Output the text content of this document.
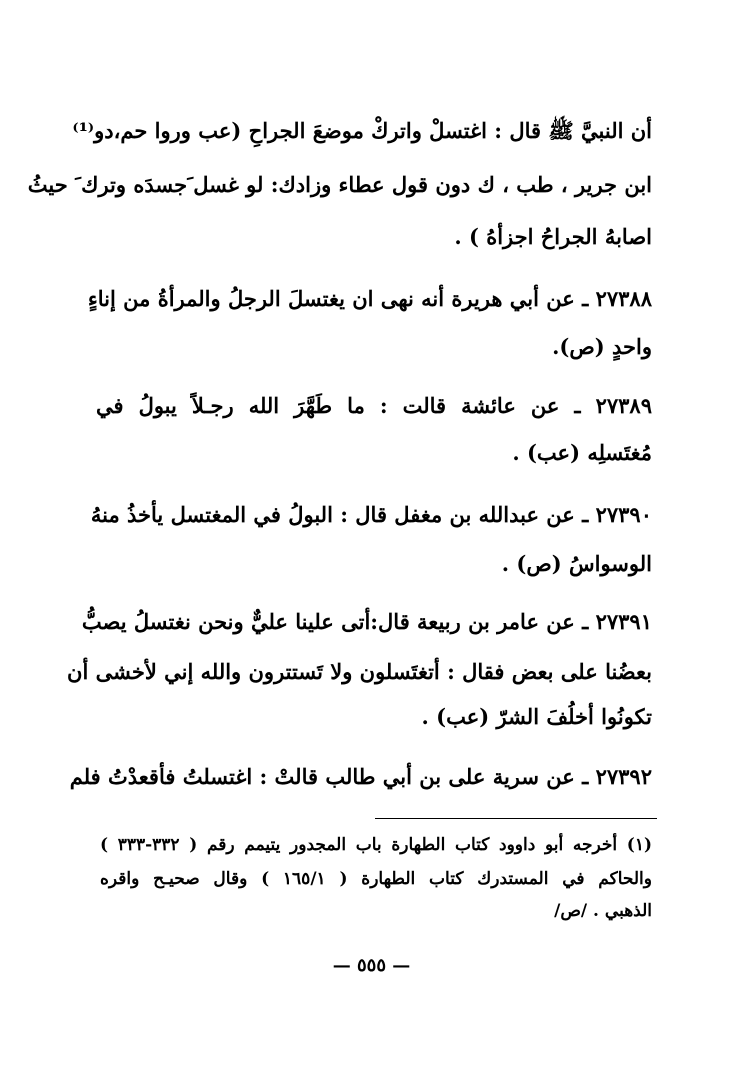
أن النبيَّ ﷺ قال : اغتسلْ واتركْ موضعَ الجراحِ (عب وروا حم،دو⁽¹⁾
ابن جرير ، طب ، ك دون قول عطاء وزادك: لو غسل َجسدَه وترك َ حيثُ
اصابهُ الجراحُ اجزأهُ ) .
٢٧٣٨٨ ـ عن أبي هريرة أنه نهى ان يغتسلَ الرجلُ والمرأةُ من إناءٍ
واحدٍ (ص).
٢٧٣٨٩ ـ عن عائشة قالت : ما طَهَّرَ الله رجـلاً يبولُ في
مُغتَسلِه (عب) .
٢٧٣٩٠ ـ عن عبدالله بن مغفل قال : البولُ في المغتسل يأخذُ منهُ
الوسواسُ (ص) .
٢٧٣٩١ ـ عن عامر بن ربيعة قال:أتى علينا عليٌّ ونحن نغتسلُ يصبُّ
بعضُنا على بعض فقال : أتغتَسلون ولا تَستترون والله إني لأخشى أن
تكونُوا أخلُفَ الشرّ (عب) .
٢٧٣٩٢ ـ عن سرية على بن أبي طالب قالتْ : اغتسلتُ فأقعدْتُ فلم
(١) أخرجه أبو داوود كتاب الطهارة باب المجدور يتيمم رقم ( ٣٣٢-٣٣٣ )
والحاكم في المستدرك كتاب الطهارة ( ١٦٥/١ ) وقال صحيـح واقره
الذهبي . /ص/
— ٥٥٥ —
